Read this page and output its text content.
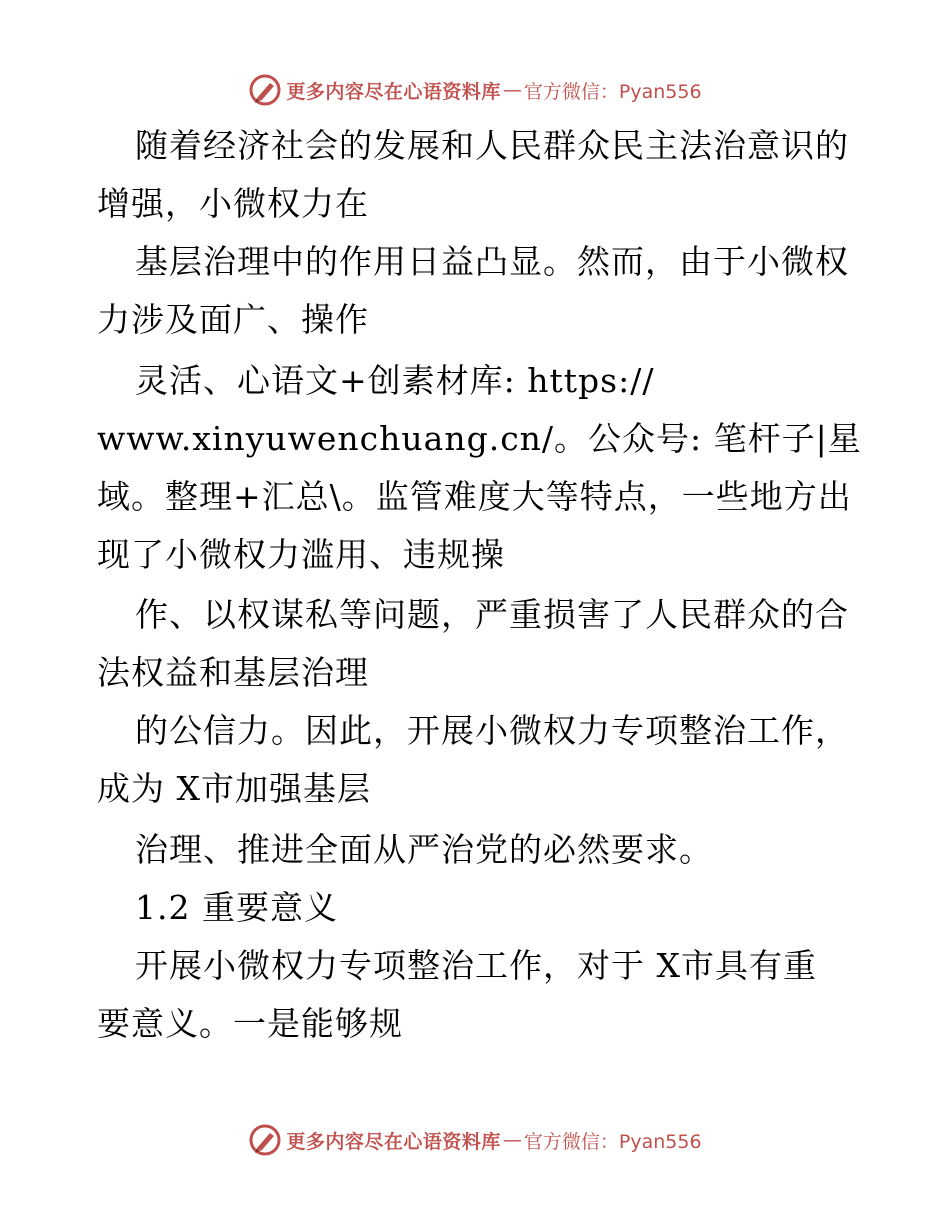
更多内容尽在心语资料库 — 官方微信：Pyan556
随着经济社会的发展和人民群众民主法治意识的
增强，小微权力在
基层治理中的作用日益凸显。然而，由于小微权
力涉及面广、操作
灵活、心语文+创素材库: https://
www.xinyuwenchuang.cn/。公众号: 笔杆子|星
域。整理+汇总\。监管难度大等特点，一些地方出
现了小微权力滥用、违规操
作、以权谋私等问题，严重损害了人民群众的合
法权益和基层治理
的公信力。因此，开展小微权力专项整治工作，
成为 X市加强基层
治理、推进全面从严治党的必然要求。
1.2 重要意义
开展小微权力专项整治工作，对于 X市具有重
要意义。一是能够规
更多内容尽在心语资料库 — 官方微信：Pyan556
